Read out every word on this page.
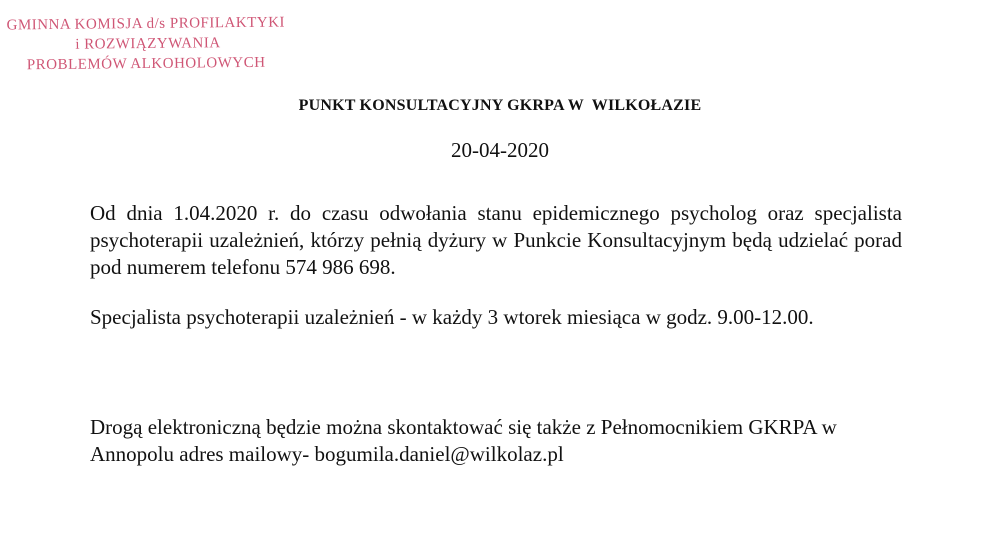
GMINNA KOMISJA d/s PROFILAKTYKI
i ROZWIĄZYWANIA
PROBLEMÓW ALKOHOLOWYCH
PUNKT KONSULTACYJNY GKRPA W  WILKOŁAZIE
20-04-2020
Od dnia 1.04.2020 r. do czasu odwołania stanu epidemicznego psycholog oraz specjalista psychoterapii uzależnień, którzy pełnią dyżury w Punkcie Konsultacyjnym będą udzielać porad pod numerem telefonu 574 986 698.
Specjalista psychoterapii uzależnień - w każdy 3 wtorek miesiąca w godz. 9.00-12.00.
Drogą elektroniczną będzie można skontaktować się także z Pełnomocnikiem GKRPA w Annopolu adres mailowy- bogumila.daniel@wilkolaz.pl
